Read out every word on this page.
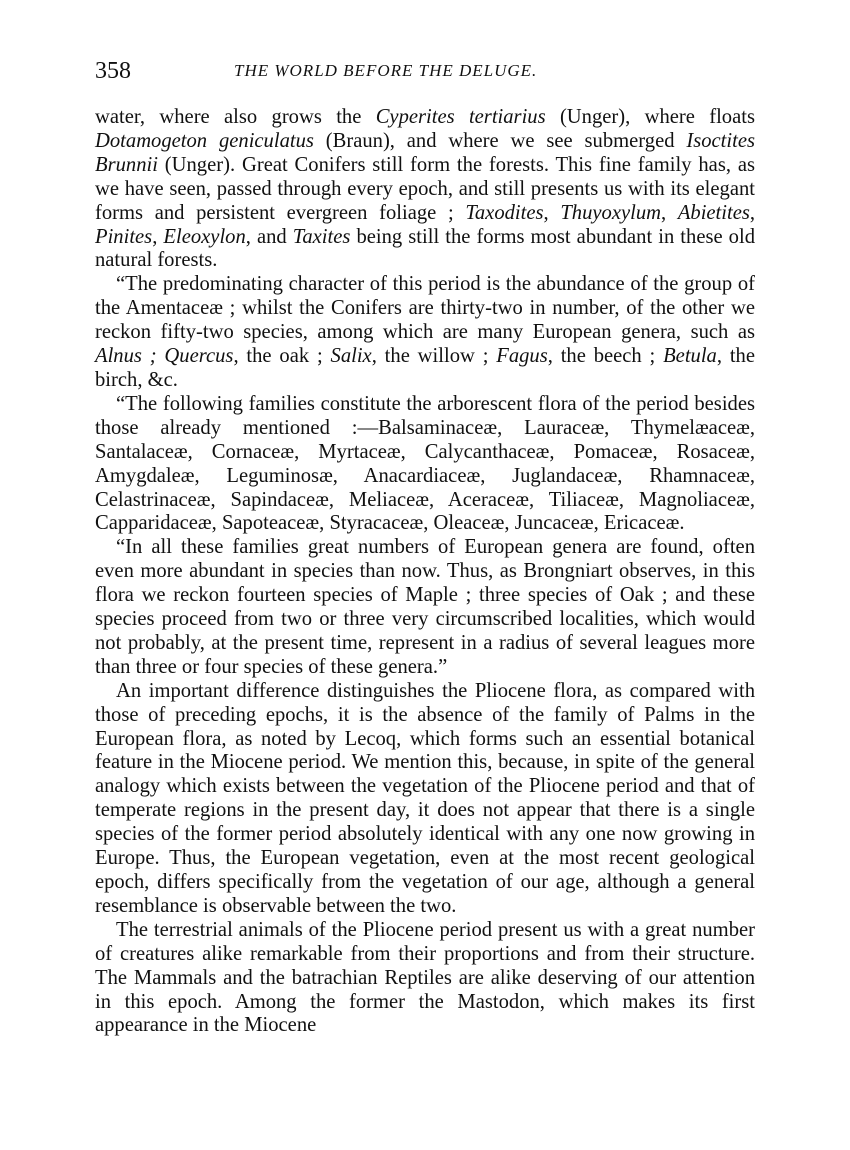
358	THE WORLD BEFORE THE DELUGE.

water, where also grows the Cyperites tertiarius (Unger), where floats Dotamogeton geniculatus (Braun), and where we see submerged Isoctites Brunnii (Unger). Great Conifers still form the forests. This fine family has, as we have seen, passed through every epoch, and still presents us with its elegant forms and persistent evergreen foliage ; Taxodites, Thuyoxylum, Abietites, Pinites, Eleoxylon, and Taxites being still the forms most abundant in these old natural forests.

“The predominating character of this period is the abundance of the group of the Amentaceæ ; whilst the Conifers are thirty-two in number, of the other we reckon fifty-two species, among which are many European genera, such as Alnus ; Quercus, the oak ; Salix, the willow ; Fagus, the beech ; Betula, the birch, &c.

“The following families constitute the arborescent flora of the period besides those already mentioned :—Balsaminaceæ, Lauraceæ, Thymelæaceæ, Santalaceæ, Cornaceæ, Myrtaceæ, Calycanthaceæ, Pomaceæ, Rosaceæ, Amygdaleæ, Leguminosæ, Anacardiaceæ, Juglandaceæ, Rhamnaceæ, Celastrinaceæ, Sapindaceæ, Meliaceæ, Aceraceæ, Tiliaceæ, Magnoliaceæ, Capparidaceæ, Sapoteaceæ, Styracaceæ, Oleaceæ, Juncaceæ, Ericaceæ.

“In all these families great numbers of European genera are found, often even more abundant in species than now. Thus, as Brongniart observes, in this flora we reckon fourteen species of Maple ; three species of Oak ; and these species proceed from two or three very circumscribed localities, which would not probably, at the present time, represent in a radius of several leagues more than three or four species of these genera.”

An important difference distinguishes the Pliocene flora, as compared with those of preceding epochs, it is the absence of the family of Palms in the European flora, as noted by Lecoq, which forms such an essential botanical feature in the Miocene period. We mention this, because, in spite of the general analogy which exists between the vegetation of the Pliocene period and that of temperate regions in the present day, it does not appear that there is a single species of the former period absolutely identical with any one now growing in Europe. Thus, the European vegetation, even at the most recent geological epoch, differs specifically from the vegetation of our age, although a general resemblance is observable between the two.

The terrestrial animals of the Pliocene period present us with a great number of creatures alike remarkable from their proportions and from their structure. The Mammals and the batrachian Reptiles are alike deserving of our attention in this epoch. Among the former the Mastodon, which makes its first appearance in the Miocene
